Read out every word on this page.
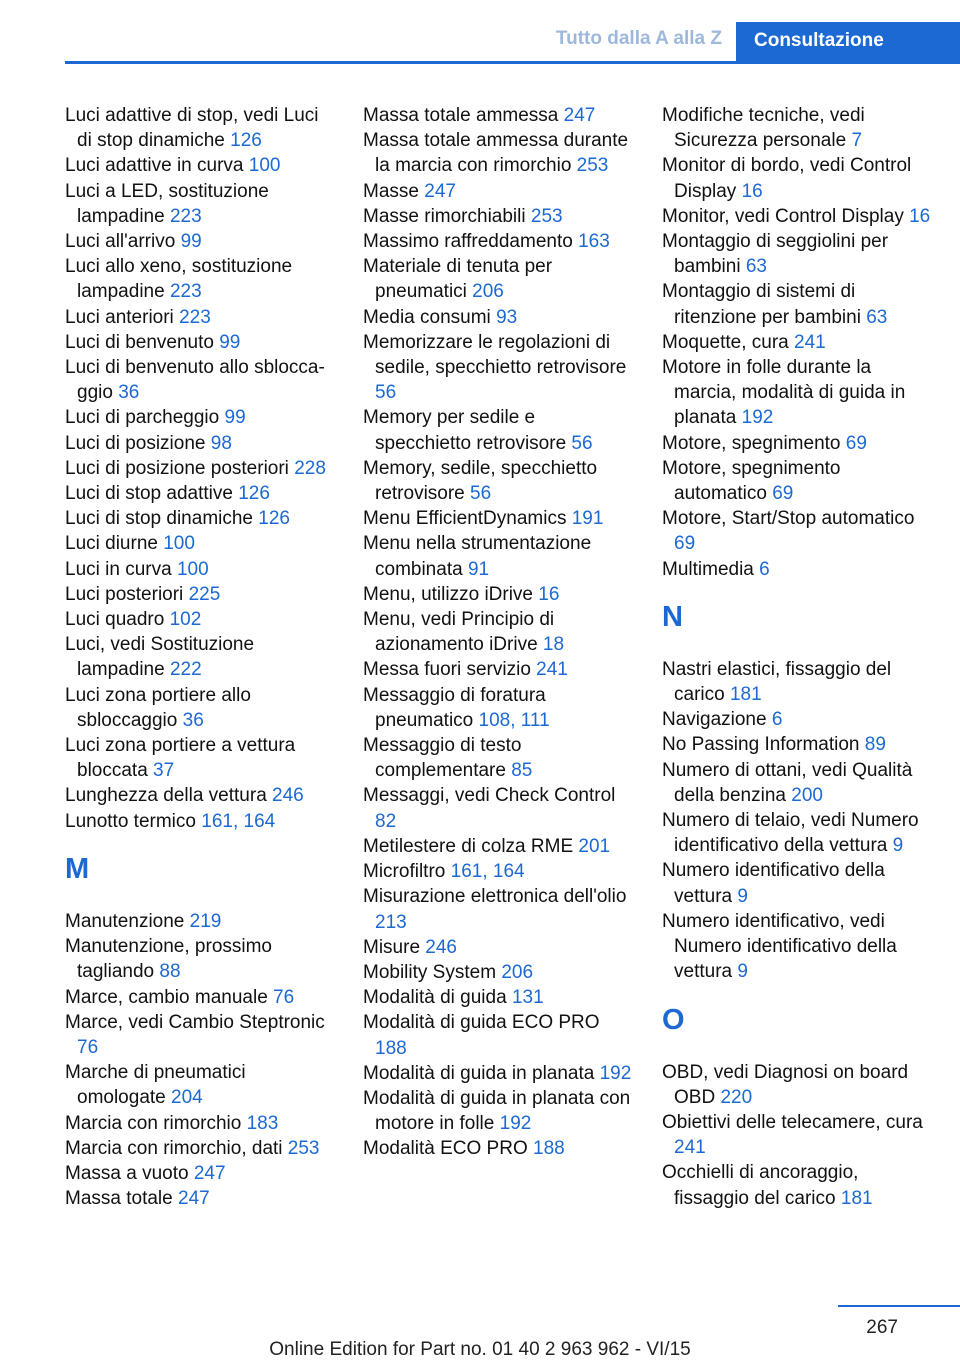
Tutto dalla A alla Z Consultazione
Luci adattive di stop, vedi Luci di stop dinamiche 126
Luci adattive in curva 100
Luci a LED, sostituzione lampadine 223
Luci all'arrivo 99
Luci allo xeno, sostituzione lampadine 223
Luci anteriori 223
Luci di benvenuto 99
Luci di benvenuto allo sbloccaggio 36
Luci di parcheggio 99
Luci di posizione 98
Luci di posizione posteriori 228
Luci di stop adattive 126
Luci di stop dinamiche 126
Luci diurne 100
Luci in curva 100
Luci posteriori 225
Luci quadro 102
Luci, vedi Sostituzione lampadine 222
Luci zona portiere allo sbloccaggio 36
Luci zona portiere a vettura bloccata 37
Lunghezza della vettura 246
Lunotto termico 161, 164
M
Manutenzione 219
Manutenzione, prossimo tagliando 88
Marce, cambio manuale 76
Marce, vedi Cambio Steptronic 76
Marche di pneumatici omologate 204
Marcia con rimorchio 183
Marcia con rimorchio, dati 253
Massa a vuoto 247
Massa totale 247
Massa totale ammessa 247
Massa totale ammessa durante la marcia con rimorchio 253
Masse 247
Masse rimorchiabili 253
Massimo raffreddamento 163
Materiale di tenuta per pneumatici 206
Media consumi 93
Memorizzare le regolazioni di sedile, specchietto retrovisore 56
Memory per sedile e specchietto retrovisore 56
Memory, sedile, specchietto retrovisore 56
Menu EfficientDynamics 191
Menu nella strumentazione combinata 91
Menu, utilizzo iDrive 16
Menu, vedi Principio di azionamento iDrive 18
Messa fuori servizio 241
Messaggio di foratura pneumatico 108, 111
Messaggio di testo complementare 85
Messaggi, vedi Check Control 82
Metilestere di colza RME 201
Microfiltro 161, 164
Misurazione elettronica dell'olio 213
Misure 246
Mobility System 206
Modalità di guida 131
Modalità di guida ECO PRO 188
Modalità di guida in planata 192
Modalità di guida in planata con motore in folle 192
Modalità ECO PRO 188
Modifiche tecniche, vedi Sicurezza personale 7
Monitor di bordo, vedi Control Display 16
Monitor, vedi Control Display 16
Montaggio di seggiolini per bambini 63
Montaggio di sistemi di ritenzione per bambini 63
Moquette, cura 241
Motore in folle durante la marcia, modalità di guida in planata 192
Motore, spegnimento 69
Motore, spegnimento automatico 69
Motore, Start/Stop automatico 69
Multimedia 6
N
Nastri elastici, fissaggio del carico 181
Navigazione 6
No Passing Information 89
Numero di ottani, vedi Qualità della benzina 200
Numero di telaio, vedi Numero identificativo della vettura 9
Numero identificativo della vettura 9
Numero identificativo, vedi Numero identificativo della vettura 9
O
OBD, vedi Diagnosi on board OBD 220
Obiettivi delle telecamere, cura 241
Occhielli di ancoraggio, fissaggio del carico 181
267
Online Edition for Part no. 01 40 2 963 962 - VI/15
